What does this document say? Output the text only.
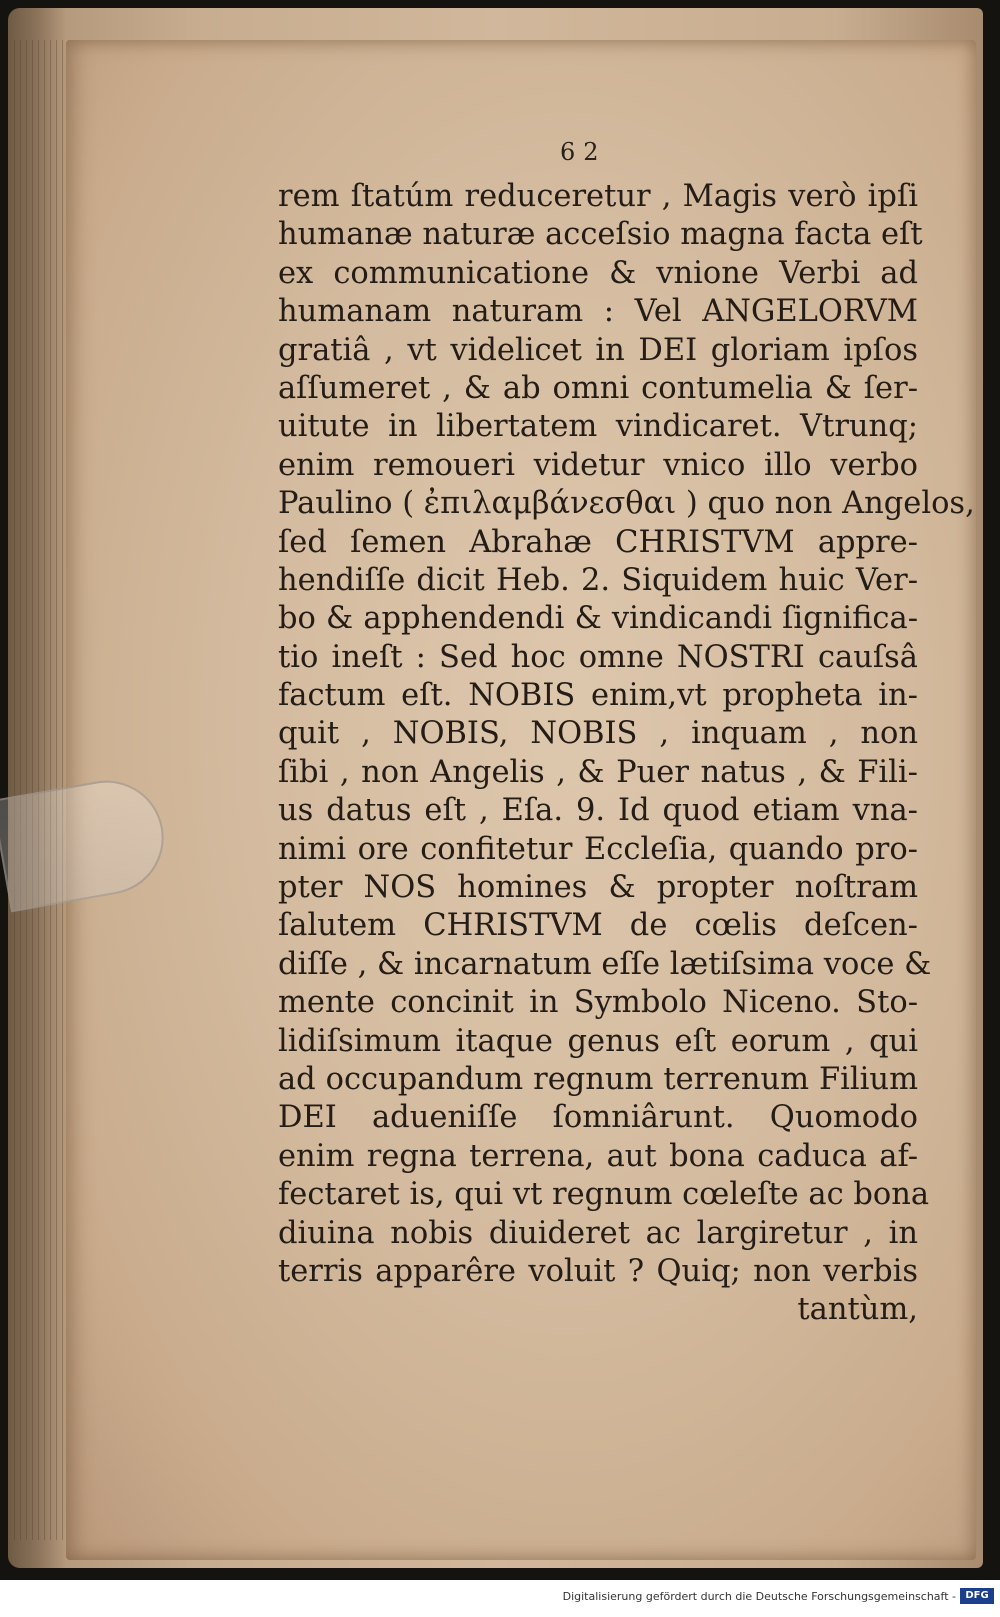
62
rem ſtatúm reduceretur , Magis verò ipſi
humanæ naturæ acceſsio magna facta eſt
ex communicatione & vnione Verbi ad
humanam naturam : Vel ANGELORVM
gratiâ , vt videlicet in DEI gloriam ipſos
aſſumeret , & ab omni contumelia & ſer-
uitute in libertatem vindicaret. Vtrunq;
enim remoueri videtur vnico illo verbo
Paulino ( ἐπιλαμβάνεσθαι ) quo non Angelos,
ſed ſemen Abrahæ CHRISTVM appre-
hendiſſe dicit Heb. 2. Siquidem huic Ver-
bo & apphendendi & vindicandi ſignifica-
tio ineſt : Sed hoc omne NOSTRI cauſsâ
factum eſt. NOBIS enim,vt propheta in-
quit , NOBIS, NOBIS , inquam , non
ſibi , non Angelis , & Puer natus , & Fili-
us datus eſt , Eſa. 9. Id quod etiam vna-
nimi ore confitetur Eccleſia, quando pro-
pter NOS homines & propter noſtram
ſalutem CHRISTVM de cœlis deſcen-
diſſe , & incarnatum eſſe lætiſsima voce &
mente concinit in Symbolo Niceno. Sto-
lidiſsimum itaque genus eſt eorum , qui
ad occupandum regnum terrenum Filium
DEI adueniſſe ſomniârunt. Quomodo
enim regna terrena, aut bona caduca af-
fectaret is, qui vt regnum cœleſte ac bona
diuina nobis diuideret ac largiretur , in
terris apparêre voluit ? Quiq; non verbis
tantùm,
Digitalisierung gefördert durch die Deutsche Forschungsgemeinschaft - DFG
